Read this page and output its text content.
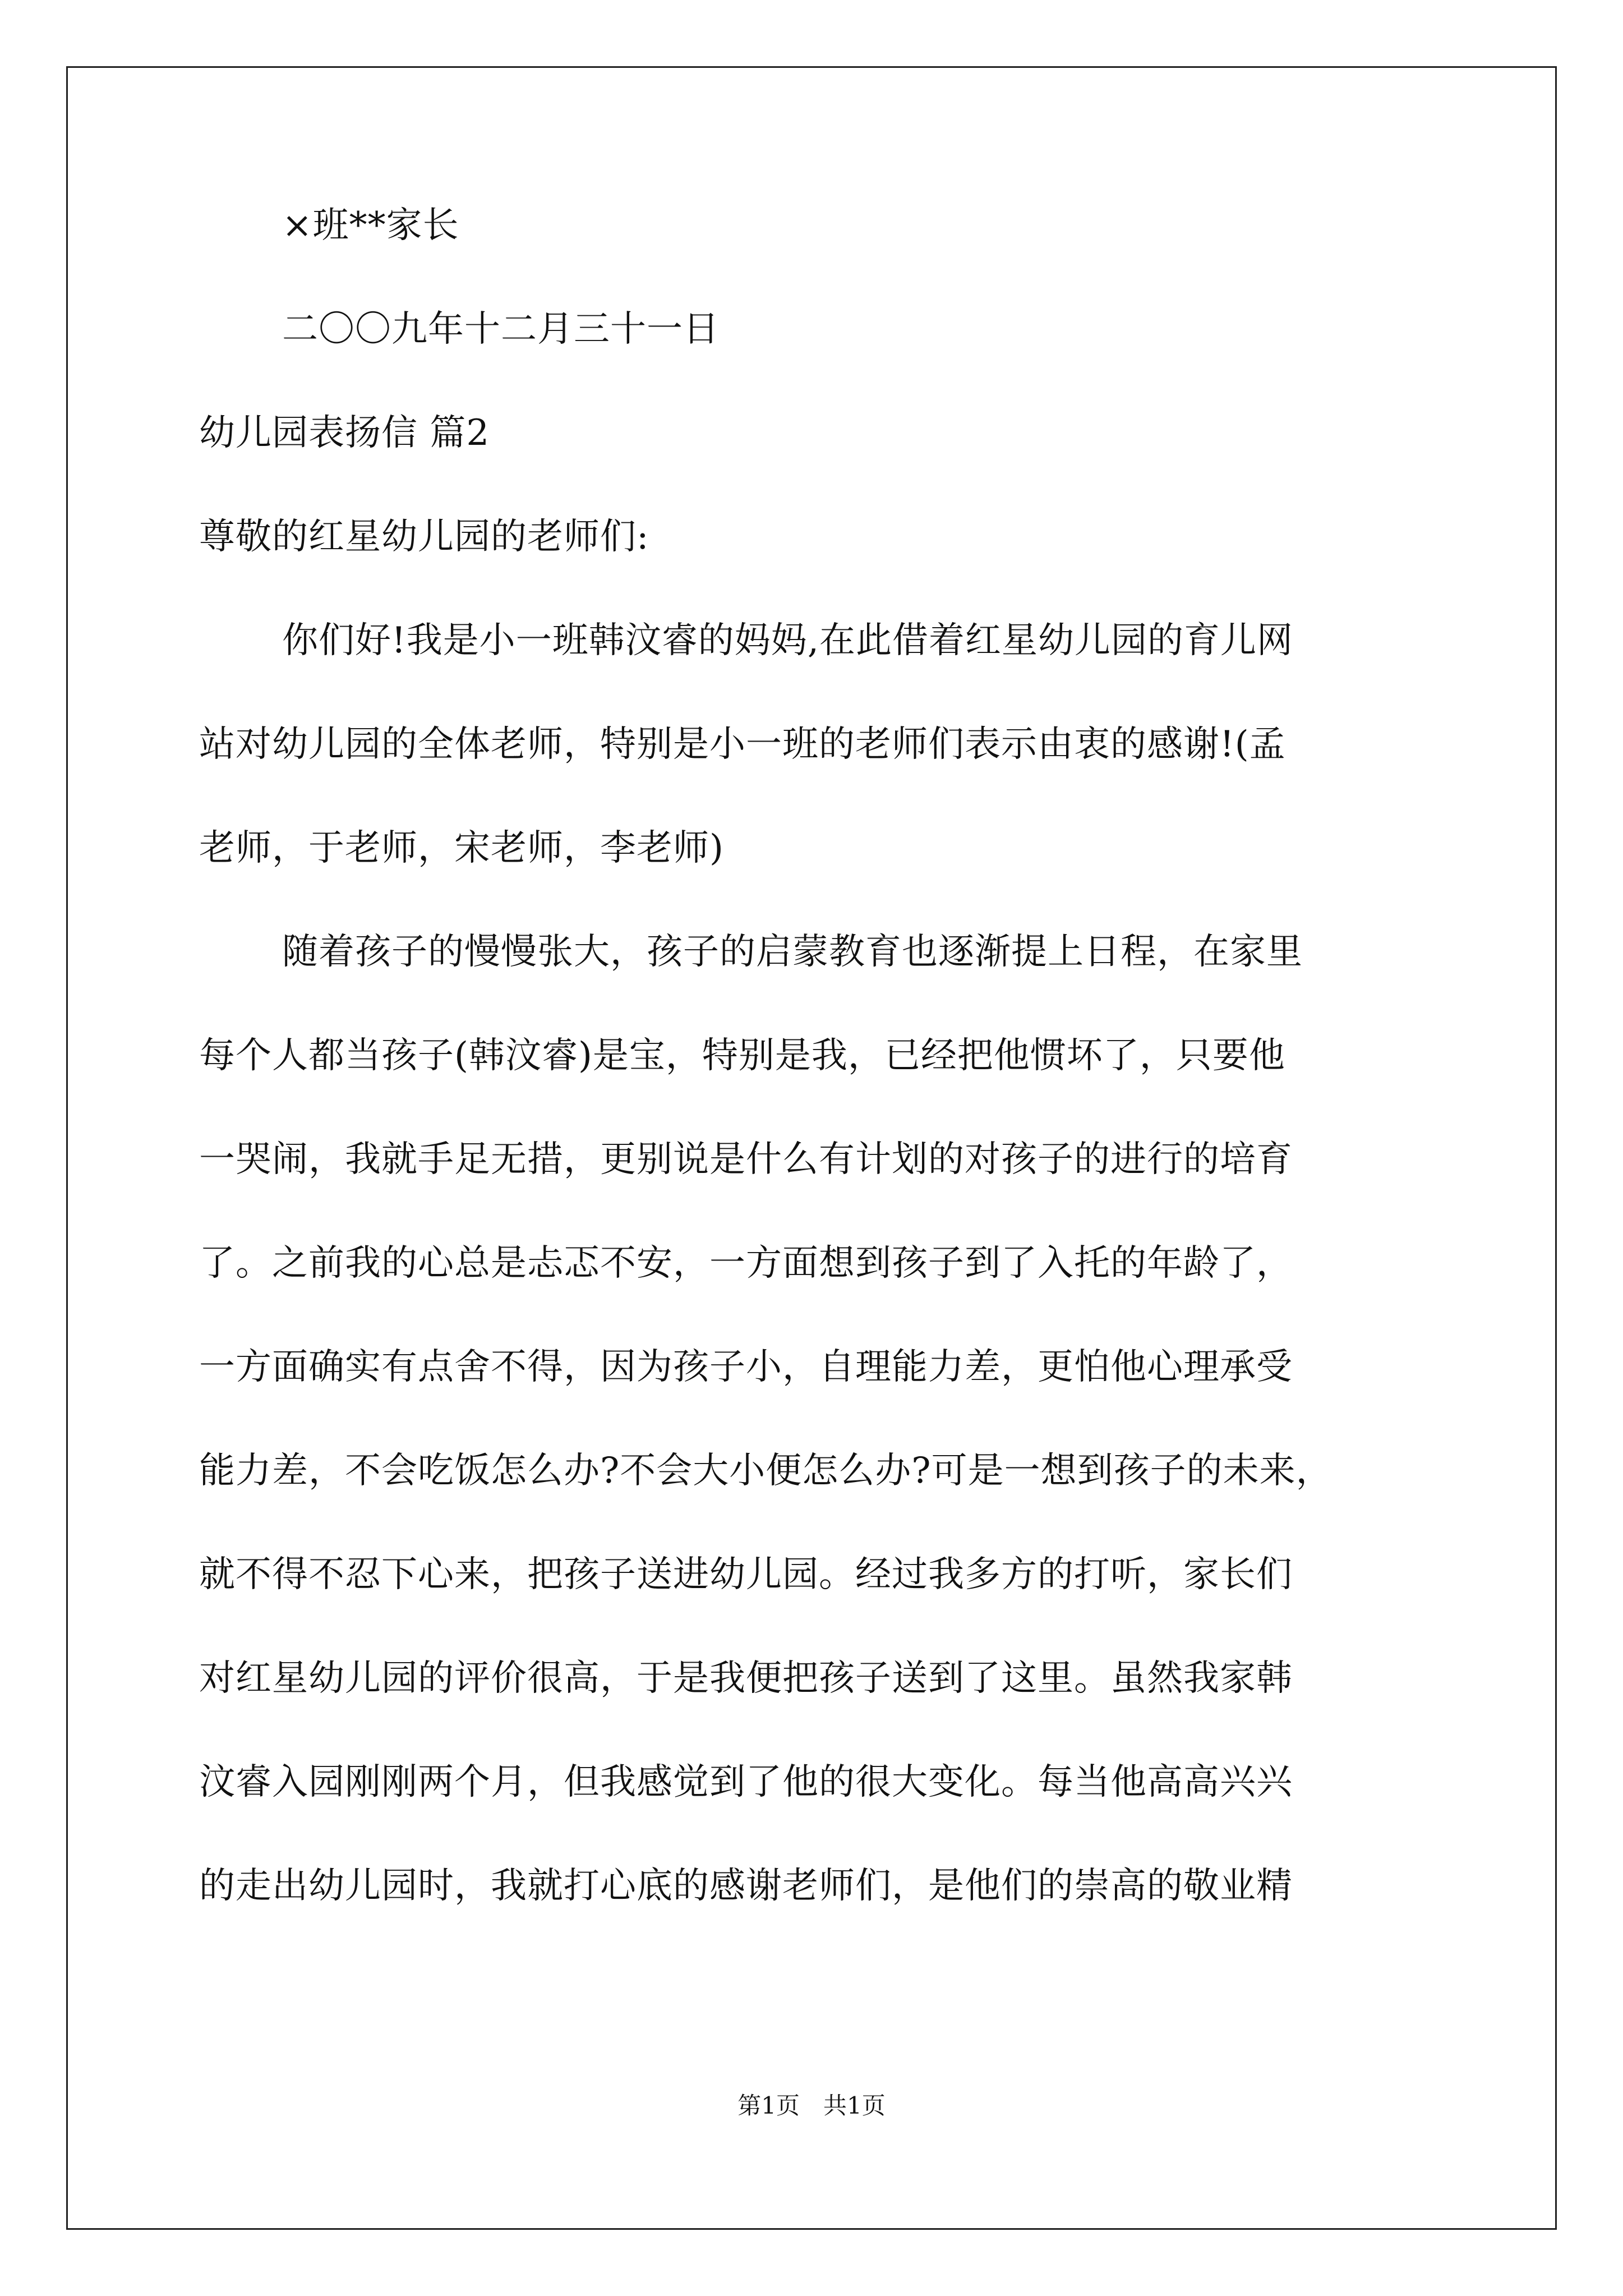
×班**家长
二〇〇九年十二月三十一日
幼儿园表扬信 篇2
尊敬的红星幼儿园的老师们:
你们好!我是小一班韩汶睿的妈妈,在此借着红星幼儿园的育儿网
站对幼儿园的全体老师，特别是小一班的老师们表示由衷的感谢!(孟
老师，于老师，宋老师，李老师)
随着孩子的慢慢张大，孩子的启蒙教育也逐渐提上日程，在家里
每个人都当孩子(韩汶睿)是宝，特别是我，已经把他惯坏了，只要他
一哭闹，我就手足无措，更别说是什么有计划的对孩子的进行的培育
了。之前我的心总是忐忑不安，一方面想到孩子到了入托的年龄了，
一方面确实有点舍不得，因为孩子小，自理能力差，更怕他心理承受
能力差，不会吃饭怎么办?不会大小便怎么办?可是一想到孩子的未来，
就不得不忍下心来，把孩子送进幼儿园。经过我多方的打听，家长们
对红星幼儿园的评价很高，于是我便把孩子送到了这里。虽然我家韩
汶睿入园刚刚两个月，但我感觉到了他的很大变化。每当他高高兴兴
的走出幼儿园时，我就打心底的感谢老师们，是他们的崇高的敬业精
第1页　共1页
